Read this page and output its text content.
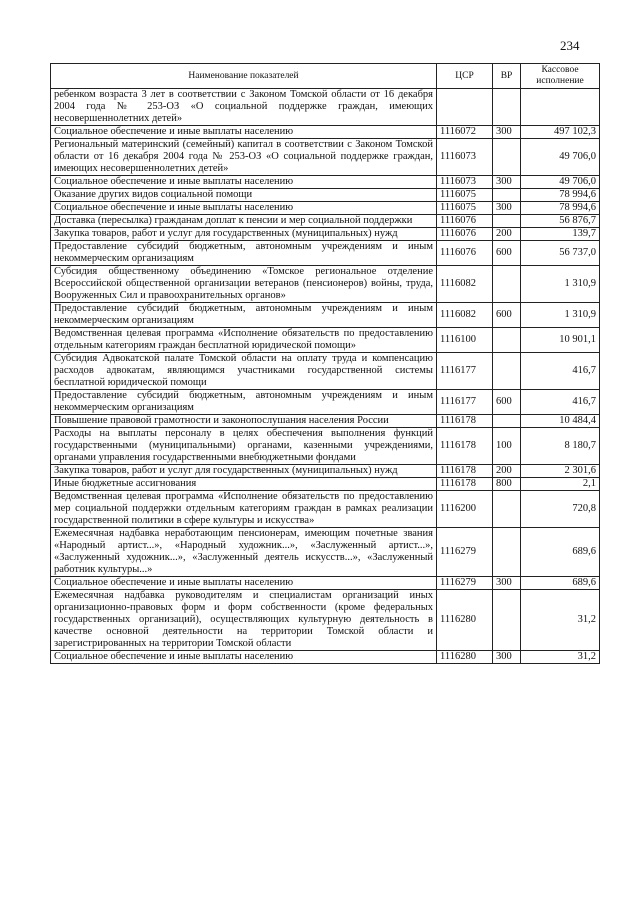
234
Наименование показателей	ЦСР	ВР	Кассовое исполнение
ребенком возраста 3 лет в соответствии с Законом Томской области от 16 декабря 2004 года № 253-ОЗ «О социальной поддержке граждан, имеющих несовершеннолетних детей»			
Социальное обеспечение и иные выплаты населению	1116072	300	497 102,3
Региональный материнский (семейный) капитал в соответствии с Законом Томской области от 16 декабря 2004 года № 253-ОЗ «О социальной поддержке граждан, имеющих несовершеннолетних детей»	1116073		49 706,0
Социальное обеспечение и иные выплаты населению	1116073	300	49 706,0
Оказание других видов социальной помощи	1116075		78 994,6
Социальное обеспечение и иные выплаты населению	1116075	300	78 994,6
Доставка (пересылка) гражданам доплат к пенсии и мер социальной поддержки	1116076		56 876,7
Закупка товаров, работ и услуг для государственных (муниципальных) нужд	1116076	200	139,7
Предоставление субсидий бюджетным, автономным учреждениям и иным некоммерческим организациям	1116076	600	56 737,0
Субсидия общественному объединению «Томское региональное отделение Всероссийской общественной организации ветеранов (пенсионеров) войны, труда, Вооруженных Сил и правоохранительных органов»	1116082		1 310,9
Предоставление субсидий бюджетным, автономным учреждениям и иным некоммерческим организациям	1116082	600	1 310,9
Ведомственная целевая программа «Исполнение обязательств по предоставлению отдельным категориям граждан бесплатной юридической помощи»	1116100		10 901,1
Субсидия Адвокатской палате Томской области на оплату труда и компенсацию расходов адвокатам, являющимся участниками государственной системы бесплатной юридической помощи	1116177		416,7
Предоставление субсидий бюджетным, автономным учреждениям и иным некоммерческим организациям	1116177	600	416,7
Повышение правовой грамотности и законопослушания населения России	1116178		10 484,4
Расходы на выплаты персоналу в целях обеспечения выполнения функций государственными (муниципальными) органами, казенными учреждениями, органами управления государственными внебюджетными фондами	1116178	100	8 180,7
Закупка товаров, работ и услуг для государственных (муниципальных) нужд	1116178	200	2 301,6
Иные бюджетные ассигнования	1116178	800	2,1
Ведомственная целевая программа «Исполнение обязательств по предоставлению мер социальной поддержки отдельным категориям граждан в рамках реализации государственной политики в сфере культуры и искусства»	1116200		720,8
Ежемесячная надбавка неработающим пенсионерам, имеющим почетные звания «Народный артист...», «Народный художник...», «Заслуженный артист...», «Заслуженный художник...», «Заслуженный деятель искусств...», «Заслуженный работник культуры...»	1116279		689,6
Социальное обеспечение и иные выплаты населению	1116279	300	689,6
Ежемесячная надбавка руководителям и специалистам организаций иных организационно-правовых форм и форм собственности (кроме федеральных государственных организаций), осуществляющих культурную деятельность в качестве основной деятельности на территории Томской области и зарегистрированных на территории Томской области	1116280		31,2
Социальное обеспечение и иные выплаты населению	1116280	300	31,2
